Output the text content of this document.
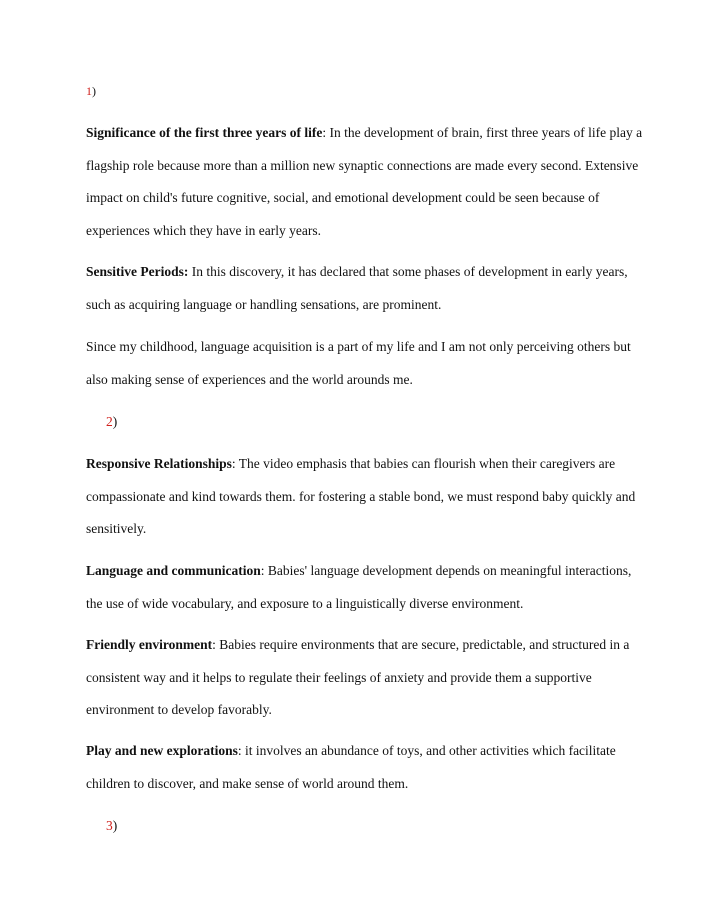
1)

Significance of the first three years of life: In the development of brain, first three years of life play a flagship role because more than a million new synaptic connections are made every second. Extensive impact on child's future cognitive, social, and emotional development could be seen because of experiences which they have in early years.

Sensitive Periods: In this discovery, it has declared that some phases of development in early years, such as acquiring language or handling sensations, are prominent.

Since my childhood, language acquisition is a part of my life and I am not only perceiving others but also making sense of experiences and the world arounds me.

2)

Responsive Relationships: The video emphasis that babies can flourish when their caregivers are compassionate and kind towards them. for fostering a stable bond, we must respond baby quickly and sensitively.

Language and communication: Babies' language development depends on meaningful interactions, the use of wide vocabulary, and exposure to a linguistically diverse environment.

Friendly environment: Babies require environments that are secure, predictable, and structured in a consistent way and it helps to regulate their feelings of anxiety and provide them a supportive environment to develop favorably.

Play and new explorations: it involves an abundance of toys, and other activities which facilitate children to discover, and make sense of world around them.

3)
